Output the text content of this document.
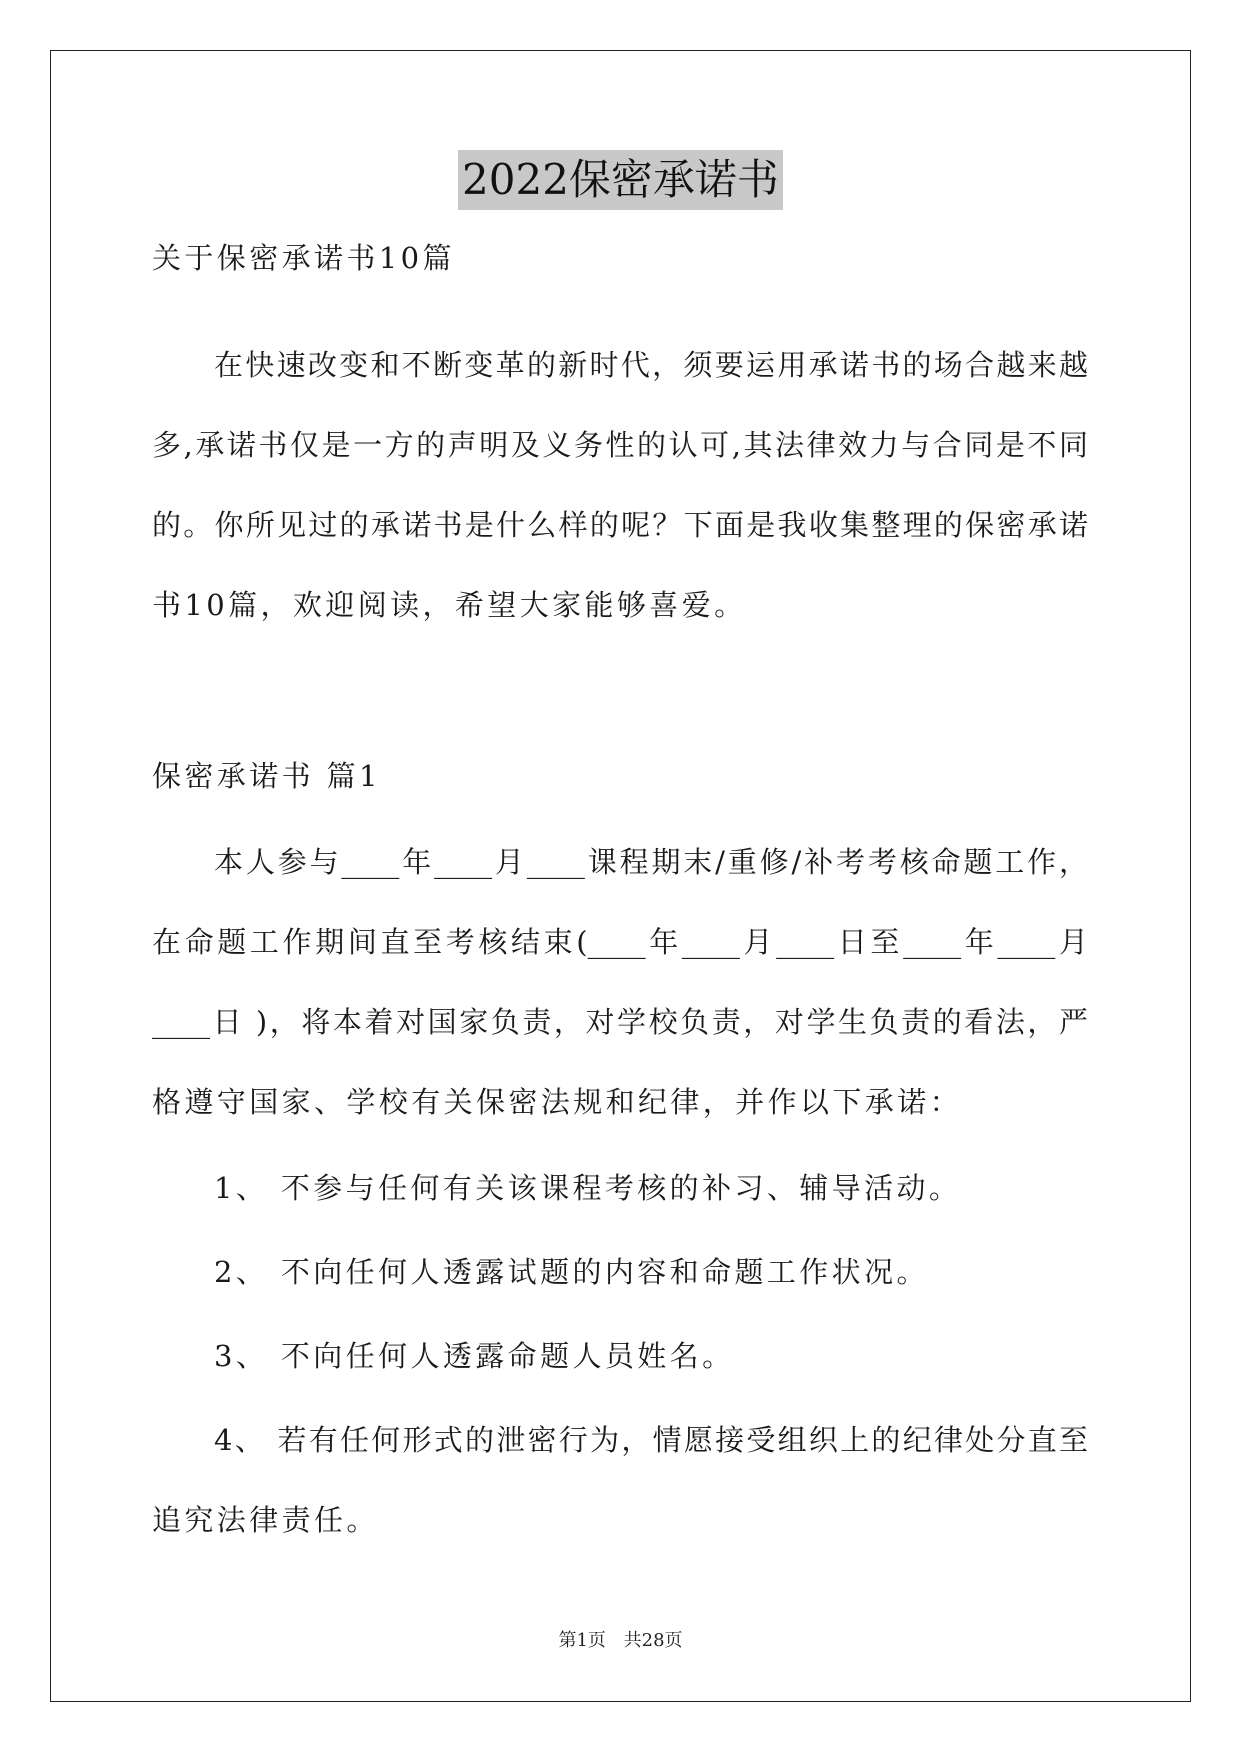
2022保密承诺书
关于保密承诺书10篇
在快速改变和不断变革的新时代，须要运用承诺书的场合越来越
多,承诺书仅是一方的声明及义务性的认可,其法律效力与合同是不同
的。你所见过的承诺书是什么样的呢？下面是我收集整理的保密承诺
书10篇，欢迎阅读，希望大家能够喜爱。
保密承诺书 篇1
本人参与____年____月____课程期末/重修/补考考核命题工作，
在命题工作期间直至考核结束(____年____月____日至____年____月
____日 )，将本着对国家负责，对学校负责，对学生负责的看法，严
格遵守国家、学校有关保密法规和纪律，并作以下承诺：
1、 不参与任何有关该课程考核的补习、辅导活动。
2、 不向任何人透露试题的内容和命题工作状况。
3、 不向任何人透露命题人员姓名。
4、 若有任何形式的泄密行为，情愿接受组织上的纪律处分直至
追究法律责任。
第1页 共28页
